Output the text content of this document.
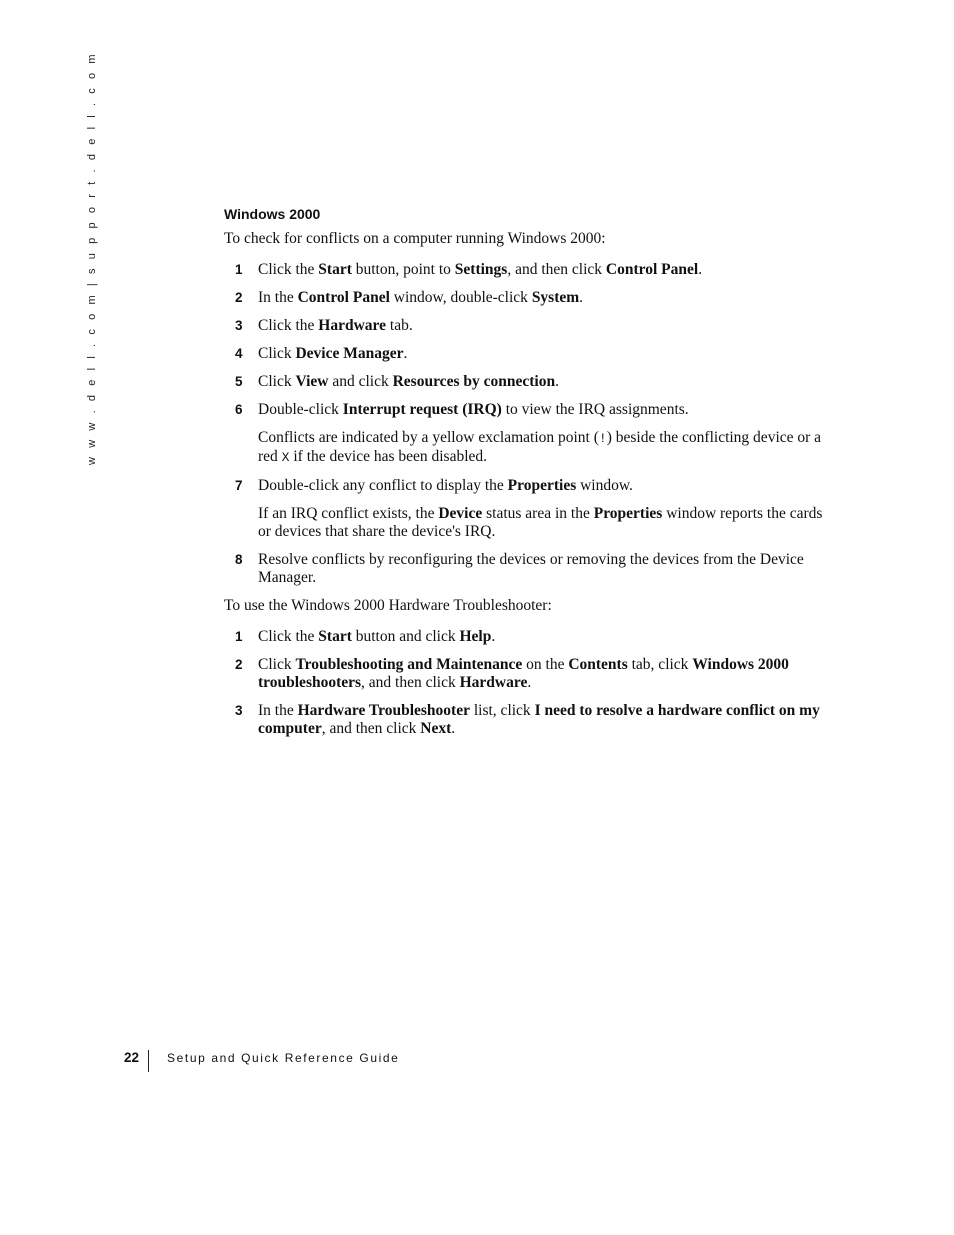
w w w . d e l l . c o m | s u p p o r t . d e l l . c o m	Windows 2000

To check for conflicts on a computer running Windows 2000:

1 Click the Start button, point to Settings, and then click Control Panel.
2 In the Control Panel window, double-click System.
3 Click the Hardware tab.
4 Click Device Manager.
5 Click View and click Resources by connection.
6 Double-click Interrupt request (IRQ) to view the IRQ assignments.
Conflicts are indicated by a yellow exclamation point (!) beside the conflicting device or a red X if the device has been disabled.
7 Double-click any conflict to display the Properties window.
If an IRQ conflict exists, the Device status area in the Properties window reports the cards or devices that share the device's IRQ.
8 Resolve conflicts by reconfiguring the devices or removing the devices from the Device Manager.

To use the Windows 2000 Hardware Troubleshooter:

1 Click the Start button and click Help.
2 Click Troubleshooting and Maintenance on the Contents tab, click Windows 2000 troubleshooters, and then click Hardware.
3 In the Hardware Troubleshooter list, click I need to resolve a hardware conflict on my computer, and then click Next.
22 Setup and Quick Reference Guide
